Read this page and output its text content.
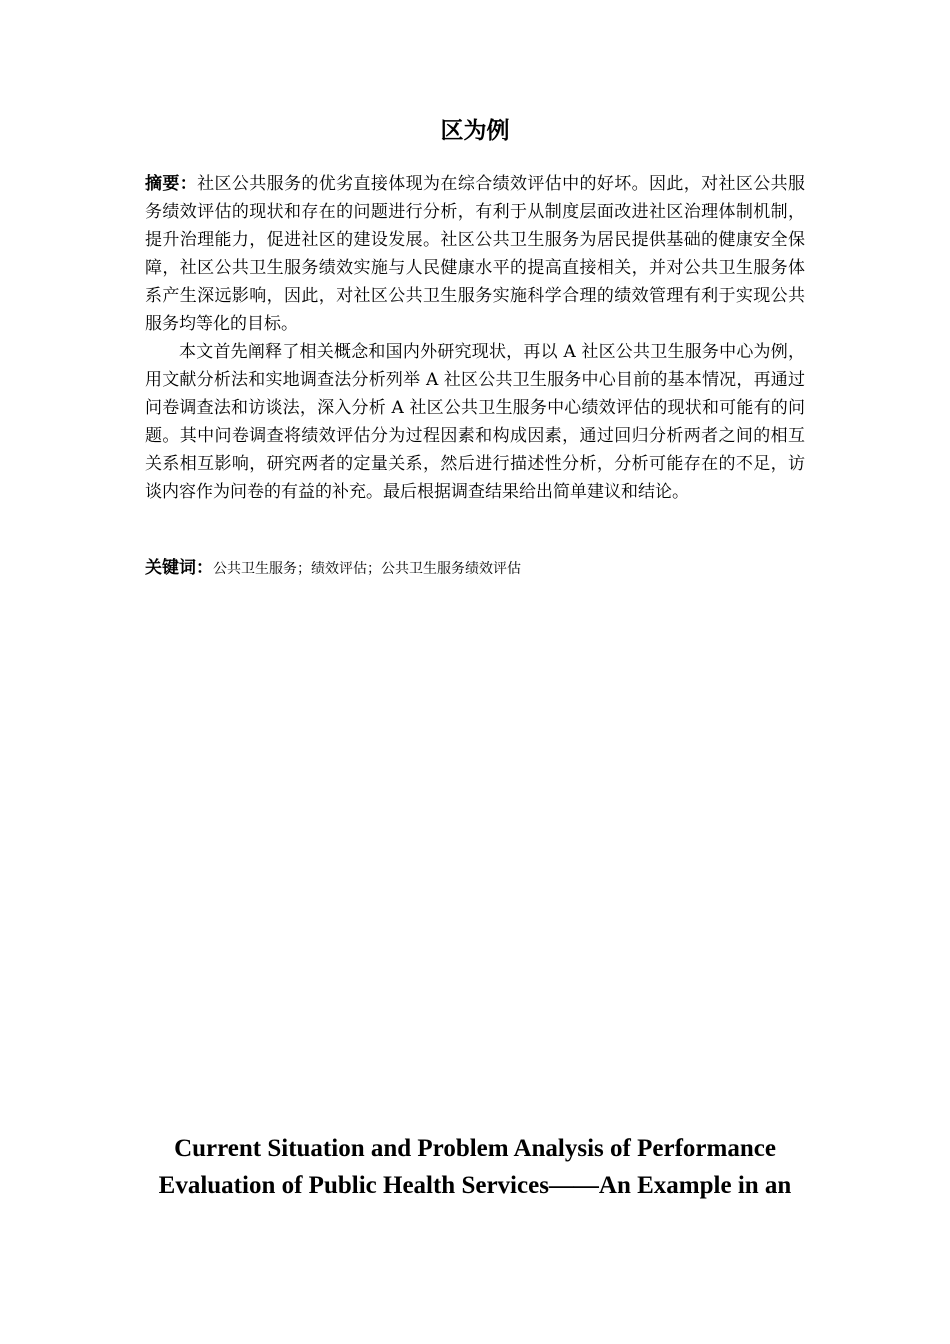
区为例

摘要：社区公共服务的优劣直接体现为在综合绩效评估中的好坏。因此，对社区公共服务绩效评估的现状和存在的问题进行分析，有利于从制度层面改进社区治理体制机制，提升治理能力，促进社区的建设发展。社区公共卫生服务为居民提供基础的健康安全保障，社区公共卫生服务绩效实施与人民健康水平的提高直接相关，并对公共卫生服务体系产生深远影响，因此，对社区公共卫生服务实施科学合理的绩效管理有利于实现公共服务均等化的目标。

本文首先阐释了相关概念和国内外研究现状，再以 A 社区公共卫生服务中心为例，用文献分析法和实地调查法分析列举 A 社区公共卫生服务中心目前的基本情况，再通过问卷调查法和访谈法，深入分析 A 社区公共卫生服务中心绩效评估的现状和可能有的问题。其中问卷调查将绩效评估分为过程因素和构成因素，通过回归分析两者之间的相互关系相互影响，研究两者的定量关系，然后进行描述性分析，分析可能存在的不足，访谈内容作为问卷的有益的补充。最后根据调查结果给出简单建议和结论。

关键词：公共卫生服务；绩效评估；公共卫生服务绩效评估
Current Situation and Problem Analysis of Performance
Evaluation of Public Health Services——An Example in an
